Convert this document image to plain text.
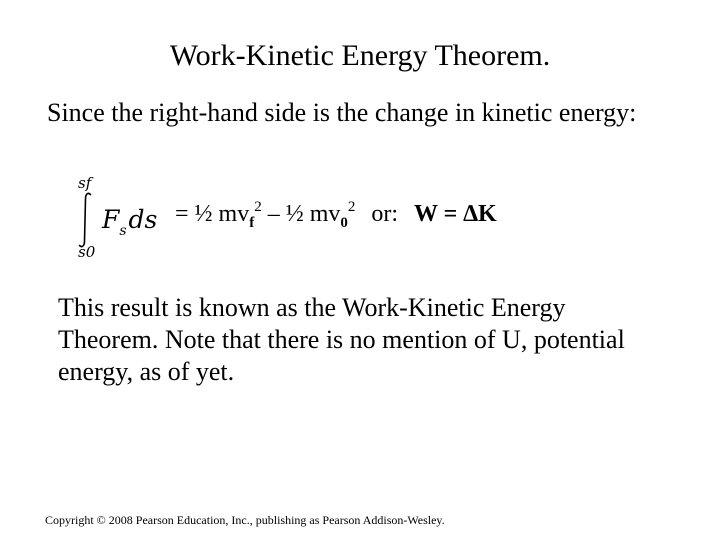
Work-Kinetic Energy Theorem.
Since the right-hand side is the change in kinetic energy:
sf
$F_sds$
s0
= ½ $mv_f^2$ – ½ $mv_0^2$ or: W = ∆K
This result is known as the Work-Kinetic Energy Theorem. Note that there is no mention of U, potential energy, as of yet.
Copyright © 2008 Pearson Education, Inc., publishing as Pearson Addison-Wesley.
